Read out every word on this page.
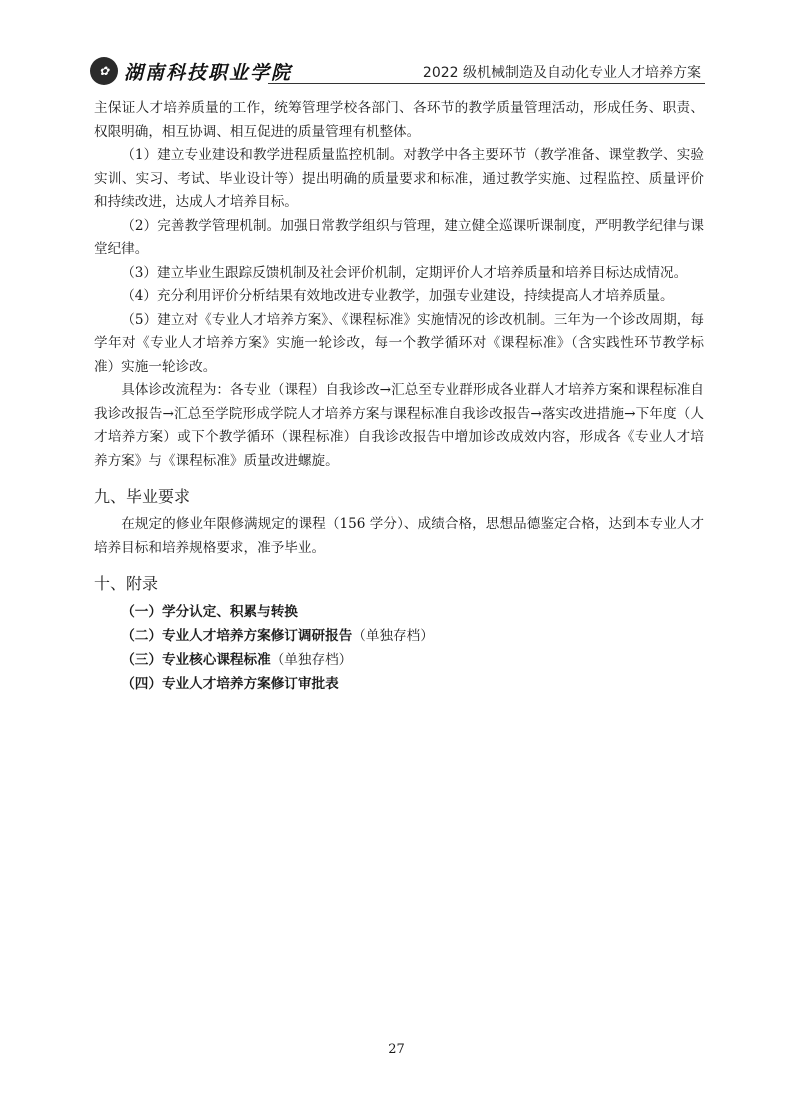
✿ 湖南科技职业学院	2022 级机械制造及自动化专业人才培养方案

主保证人才培养质量的工作，统筹管理学校各部门、各环节的教学质量管理活动，形成任务、职责、权限明确，相互协调、相互促进的质量管理有机整体。

（1）建立专业建设和教学进程质量监控机制。对教学中各主要环节（教学准备、课堂教学、实验实训、实习、考试、毕业设计等）提出明确的质量要求和标准，通过教学实施、过程监控、质量评价和持续改进，达成人才培养目标。

（2）完善教学管理机制。加强日常教学组织与管理，建立健全巡课听课制度，严明教学纪律与课堂纪律。

（3）建立毕业生跟踪反馈机制及社会评价机制，定期评价人才培养质量和培养目标达成情况。

（4）充分利用评价分析结果有效地改进专业教学，加强专业建设，持续提高人才培养质量。

（5）建立对《专业人才培养方案》、《课程标准》实施情况的诊改机制。三年为一个诊改周期，每学年对《专业人才培养方案》实施一轮诊改，每一个教学循环对《课程标准》（含实践性环节教学标准）实施一轮诊改。

具体诊改流程为：各专业（课程）自我诊改→汇总至专业群形成各业群人才培养方案和课程标准自我诊改报告→汇总至学院形成学院人才培养方案与课程标准自我诊改报告→落实改进措施→下年度（人才培养方案）或下个教学循环（课程标准）自我诊改报告中增加诊改成效内容，形成各《专业人才培养方案》与《课程标准》质量改进螺旋。

九、毕业要求

在规定的修业年限修满规定的课程（156 学分）、成绩合格，思想品德鉴定合格，达到本专业人才培养目标和培养规格要求，准予毕业。

十、附录
（一）学分认定、积累与转换
（二）专业人才培养方案修订调研报告（单独存档）
（三）专业核心课程标准（单独存档）
（四）专业人才培养方案修订审批表
27
